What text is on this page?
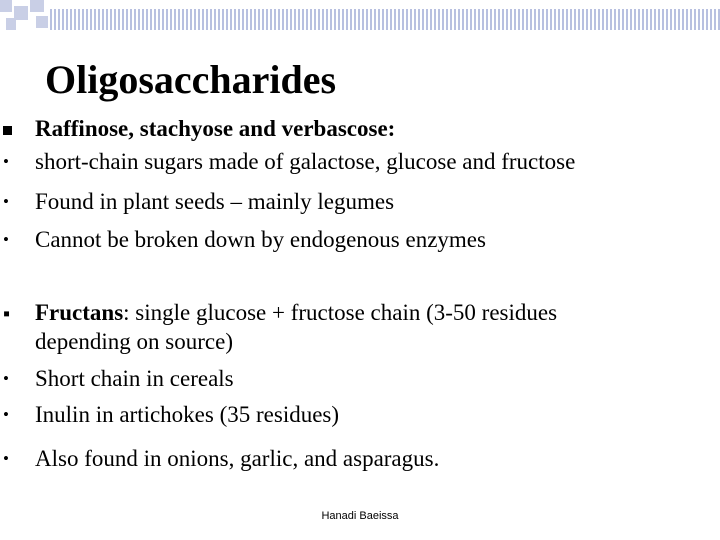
Oligosaccharides
Raffinose, stachyose and verbascose:
• short-chain sugars made of galactose, glucose and fructose
• Found in plant seeds – mainly legumes
• Cannot be broken down by endogenous enzymes
▪ Fructans: single glucose + fructose chain (3-50 residues
depending on source)
• Short chain in cereals
• Inulin in artichokes (35 residues)
• Also found in onions, garlic, and asparagus.
Hanadi Baeissa
